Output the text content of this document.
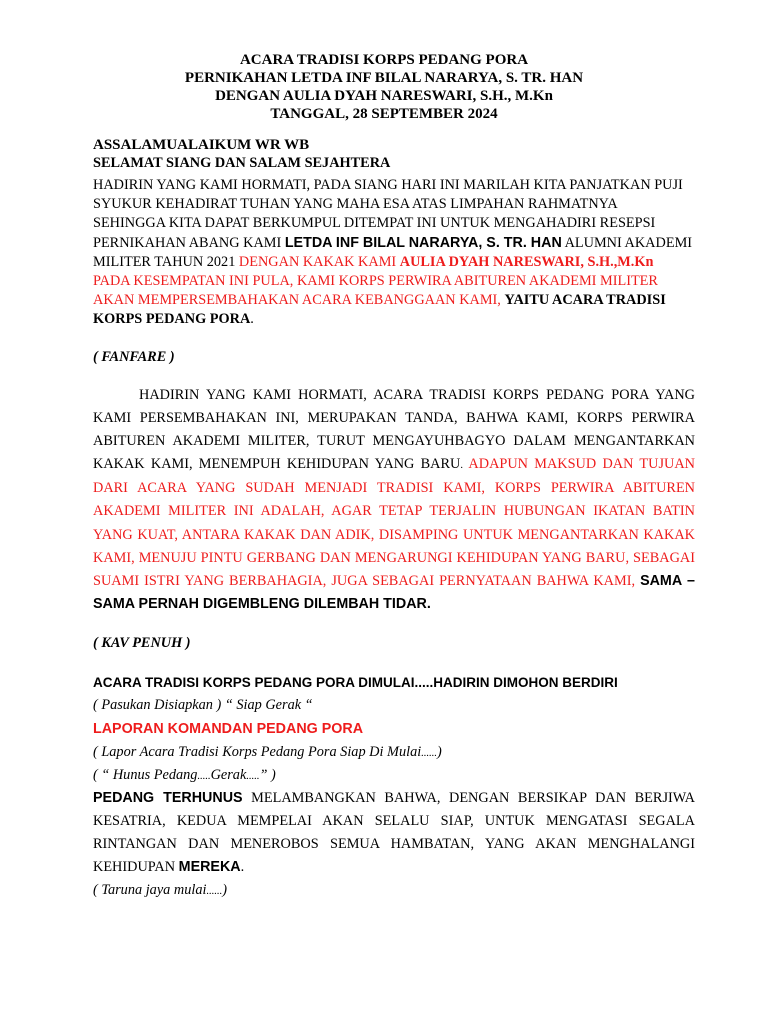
ACARA TRADISI KORPS PEDANG PORA
PERNIKAHAN LETDA INF BILAL NARARYA, S. TR. HAN
DENGAN AULIA DYAH NARESWARI, S.H., M.Kn
TANGGAL, 28 SEPTEMBER 2024
ASSALAMUALAIKUM WR WB
SELAMAT SIANG DAN SALAM SEJAHTERA
HADIRIN YANG KAMI HORMATI, PADA SIANG HARI INI MARILAH KITA PANJATKAN PUJI
SYUKUR KEHADIRAT TUHAN YANG MAHA ESA ATAS LIMPAHAN RAHMATNYA
SEHINGGA KITA DAPAT BERKUMPUL DITEMPAT INI UNTUK MENGAHADIRI RESEPSI
PERNIKAHAN ABANG KAMI LETDA INF BILAL NARARYA, S. TR. HAN ALUMNI AKADEMI
MILITER TAHUN 2021 DENGAN KAKAK KAMI AULIA DYAH NARESWARI, S.H.,M.Kn
PADA KESEMPATAN INI PULA, KAMI KORPS PERWIRA ABITUREN AKADEMI MILITER
AKAN MEMPERSEMBAHAKAN ACARA KEBANGGAAN KAMI, YAITU ACARA TRADISI
KORPS PEDANG PORA.
( FANFARE )
HADIRIN YANG KAMI HORMATI, ACARA TRADISI KORPS PEDANG PORA YANG KAMI PERSEMBAHAKAN INI, MERUPAKAN TANDA, BAHWA KAMI, KORPS PERWIRA ABITUREN AKADEMI MILITER, TURUT MENGAYUHBAGYO DALAM MENGANTARKAN KAKAK KAMI, MENEMPUH KEHIDUPAN YANG BARU. ADAPUN MAKSUD DAN TUJUAN DARI ACARA YANG SUDAH MENJADI TRADISI KAMI, KORPS PERWIRA ABITUREN AKADEMI MILITER INI ADALAH, AGAR TETAP TERJALIN HUBUNGAN IKATAN BATIN YANG KUAT, ANTARA KAKAK DAN ADIK, DISAMPING UNTUK MENGANTARKAN KAKAK KAMI, MENUJU PINTU GERBANG DAN MENGARUNGI KEHIDUPAN YANG BARU, SEBAGAI SUAMI ISTRI YANG BERBAHAGIA, JUGA SEBAGAI PERNYATAAN BAHWA KAMI, SAMA – SAMA PERNAH DIGEMBLENG DILEMBAH TIDAR.
( KAV PENUH )
ACARA TRADISI KORPS PEDANG PORA DIMULAI.....HADIRIN DIMOHON BERDIRI
( Pasukan Disiapkan ) “ Siap Gerak “
LAPORAN KOMANDAN PEDANG PORA
( Lapor Acara Tradisi Korps Pedang Pora Siap Di Mulai......)
( “ Hunus Pedang.....Gerak.....” )
PEDANG TERHUNUS MELAMBANGKAN BAHWA, DENGAN BERSIKAP DAN BERJIWA KESATRIA, KEDUA MEMPELAI AKAN SELALU SIAP, UNTUK MENGATASI SEGALA RINTANGAN DAN MENEROBOS SEMUA HAMBATAN, YANG AKAN MENGHALANGI KEHIDUPAN MEREKA.
( Taruna jaya mulai......)
